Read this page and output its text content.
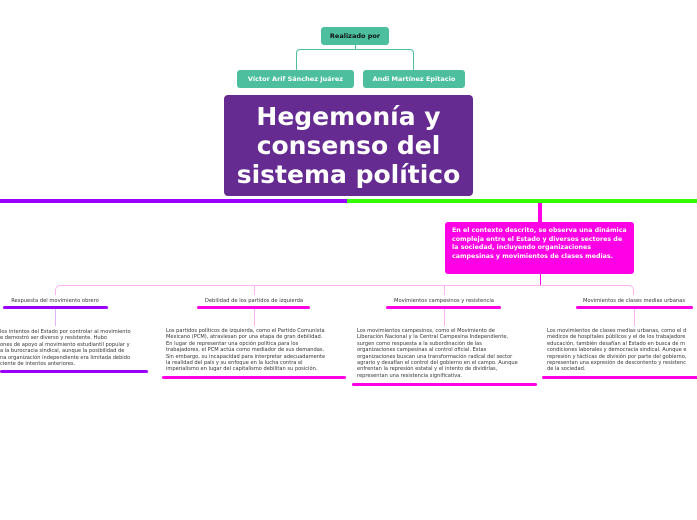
Realizado por
Víctor Arif Sánchez Juárez	Andi Martínez Epitacio
Hegemonía y consenso del sistema político
En el contexto descrito, se observa una dinámica compleja entre el Estado y diversos sectores de la sociedad, incluyendo organizaciones campesinas y movimientos de clases medias.
Respuesta del movimiento obrero
los intentos del Estado por controlar al movimiento
e demostró ser diverso y resistente. Hubo
ones de apoyo al movimiento estudiantil popular y
a la burocracia sindical, aunque la posibilidad de
na organización independiente era limitada debido
ciente de intentos anteriores.
Debilidad de los partidos de izquierda
Los partidos políticos de izquierda, como el Partido Comunista
Mexicano (PCM), atraviesan por una etapa de gran debilidad.
En lugar de representar una opción política para los
trabajadores, el PCM actúa como mediador de sus demandas.
Sin embargo, su incapacidad para interpretar adecuadamente
la realidad del país y su enfoque en la lucha contra el
imperialismo en lugar del capitalismo debilitan su posición.
Movimientos campesinos y resistencia
Los movimientos campesinos, como el Movimiento de
Liberación Nacional y la Central Campesina Independiente,
surgen como respuesta a la subordinación de las
organizaciones campesinas al control oficial. Estas
organizaciones buscan una transformación radical del sector
agrario y desafían el control del gobierno en el campo. Aunque
enfrentan la represión estatal y el intento de dividirlas,
representan una resistencia significativa.
Movimientos de clases medias urbanas
Los movimientos de clases medias urbanas, como el d
médicos de hospitales públicos y el de los trabajadore
educación, también desafían al Estado en busca de m
condiciones laborales y democracia sindical. Aunque e
represión y tácticas de división por parte del gobierno,
representan una expresión de descontento y resistenc
de la sociedad.
